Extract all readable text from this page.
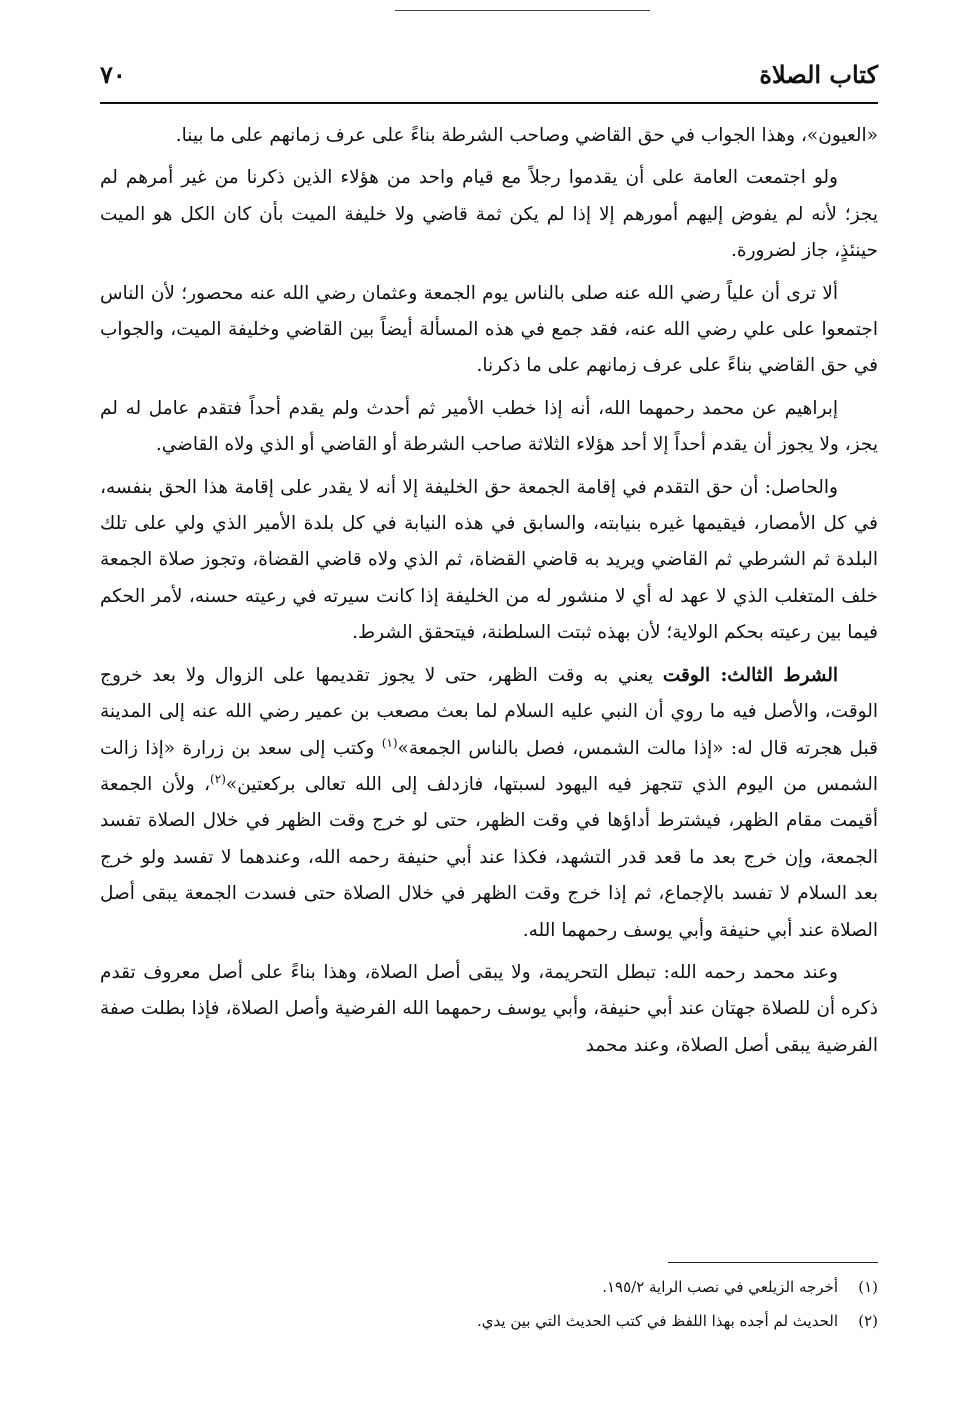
كتاب الصلاة
٧٠

«العيون»، وهذا الجواب في حق القاضي وصاحب الشرطة بناءً على عرف زمانهم على ما بينا.

ولو اجتمعت العامة على أن يقدموا رجلاً مع قيام واحد من هؤلاء الذين ذكرنا من غير أمرهم لم يجز؛ لأنه لم يفوض إليهم أمورهم إلا إذا لم يكن ثمة قاضي ولا خليفة الميت بأن كان الكل هو الميت حينئذٍ، جاز لضرورة.

ألا ترى أن علياً رضي الله عنه صلى بالناس يوم الجمعة وعثمان رضي الله عنه محصور؛ لأن الناس اجتمعوا على علي رضي الله عنه، فقد جمع في هذه المسألة أيضاً بين القاضي وخليفة الميت، والجواب في حق القاضي بناءً على عرف زمانهم على ما ذكرنا.

إبراهيم عن محمد رحمهما الله، أنه إذا خطب الأمير ثم أحدث ولم يقدم أحداً فتقدم عامل له لم يجز، ولا يجوز أن يقدم أحداً إلا أحد هؤلاء الثلاثة صاحب الشرطة أو القاضي أو الذي ولاه القاضي.

والحاصل: أن حق التقدم في إقامة الجمعة حق الخليفة إلا أنه لا يقدر على إقامة هذا الحق بنفسه، في كل الأمصار، فيقيمها غيره بنيابته، والسابق في هذه النيابة في كل بلدة الأمير الذي ولي على تلك البلدة ثم الشرطي ثم القاضي ويريد به قاضي القضاة، ثم الذي ولاه قاضي القضاة، وتجوز صلاة الجمعة خلف المتغلب الذي لا عهد له أي لا منشور له من الخليفة إذا كانت سيرته في رعيته حسنه، لأمر الحكم فيما بين رعيته بحكم الولاية؛ لأن بهذه ثبتت السلطنة، فيتحقق الشرط.

الشرط الثالث: الوقت يعني به وقت الظهر، حتى لا يجوز تقديمها على الزوال ولا بعد خروج الوقت، والأصل فيه ما روي أن النبي عليه السلام لما بعث مصعب بن عمير رضي الله عنه إلى المدينة قبل هجرته قال له: «إذا مالت الشمس، فصل بالناس الجمعة»$^{(١)}$ وكتب إلى سعد بن زرارة «إذا زالت الشمس من اليوم الذي تتجهز فيه اليهود لسبتها، فازدلف إلى الله تعالى بركعتين»$^{(٢)}$، ولأن الجمعة أقيمت مقام الظهر، فيشترط أداؤها في وقت الظهر، حتى لو خرج وقت الظهر في خلال الصلاة تفسد الجمعة، وإن خرج بعد ما قعد قدر التشهد، فكذا عند أبي حنيفة رحمه الله، وعندهما لا تفسد ولو خرج بعد السلام لا تفسد بالإجماع، ثم إذا خرج وقت الظهر في خلال الصلاة حتى فسدت الجمعة يبقى أصل الصلاة عند أبي حنيفة وأبي يوسف رحمهما الله.

وعند محمد رحمه الله: تبطل التحريمة، ولا يبقى أصل الصلاة، وهذا بناءً على أصل معروف تقدم ذكره أن للصلاة جهتان عند أبي حنيفة، وأبي يوسف رحمهما الله الفرضية وأصل الصلاة، فإذا بطلت صفة الفرضية يبقى أصل الصلاة، وعند محمد

(١)
أخرجه الزيلعي في نصب الراية ١٩٥/٢.
(٢)
الحديث لم أجده بهذا اللفظ في كتب الحديث التي بين يدي.
